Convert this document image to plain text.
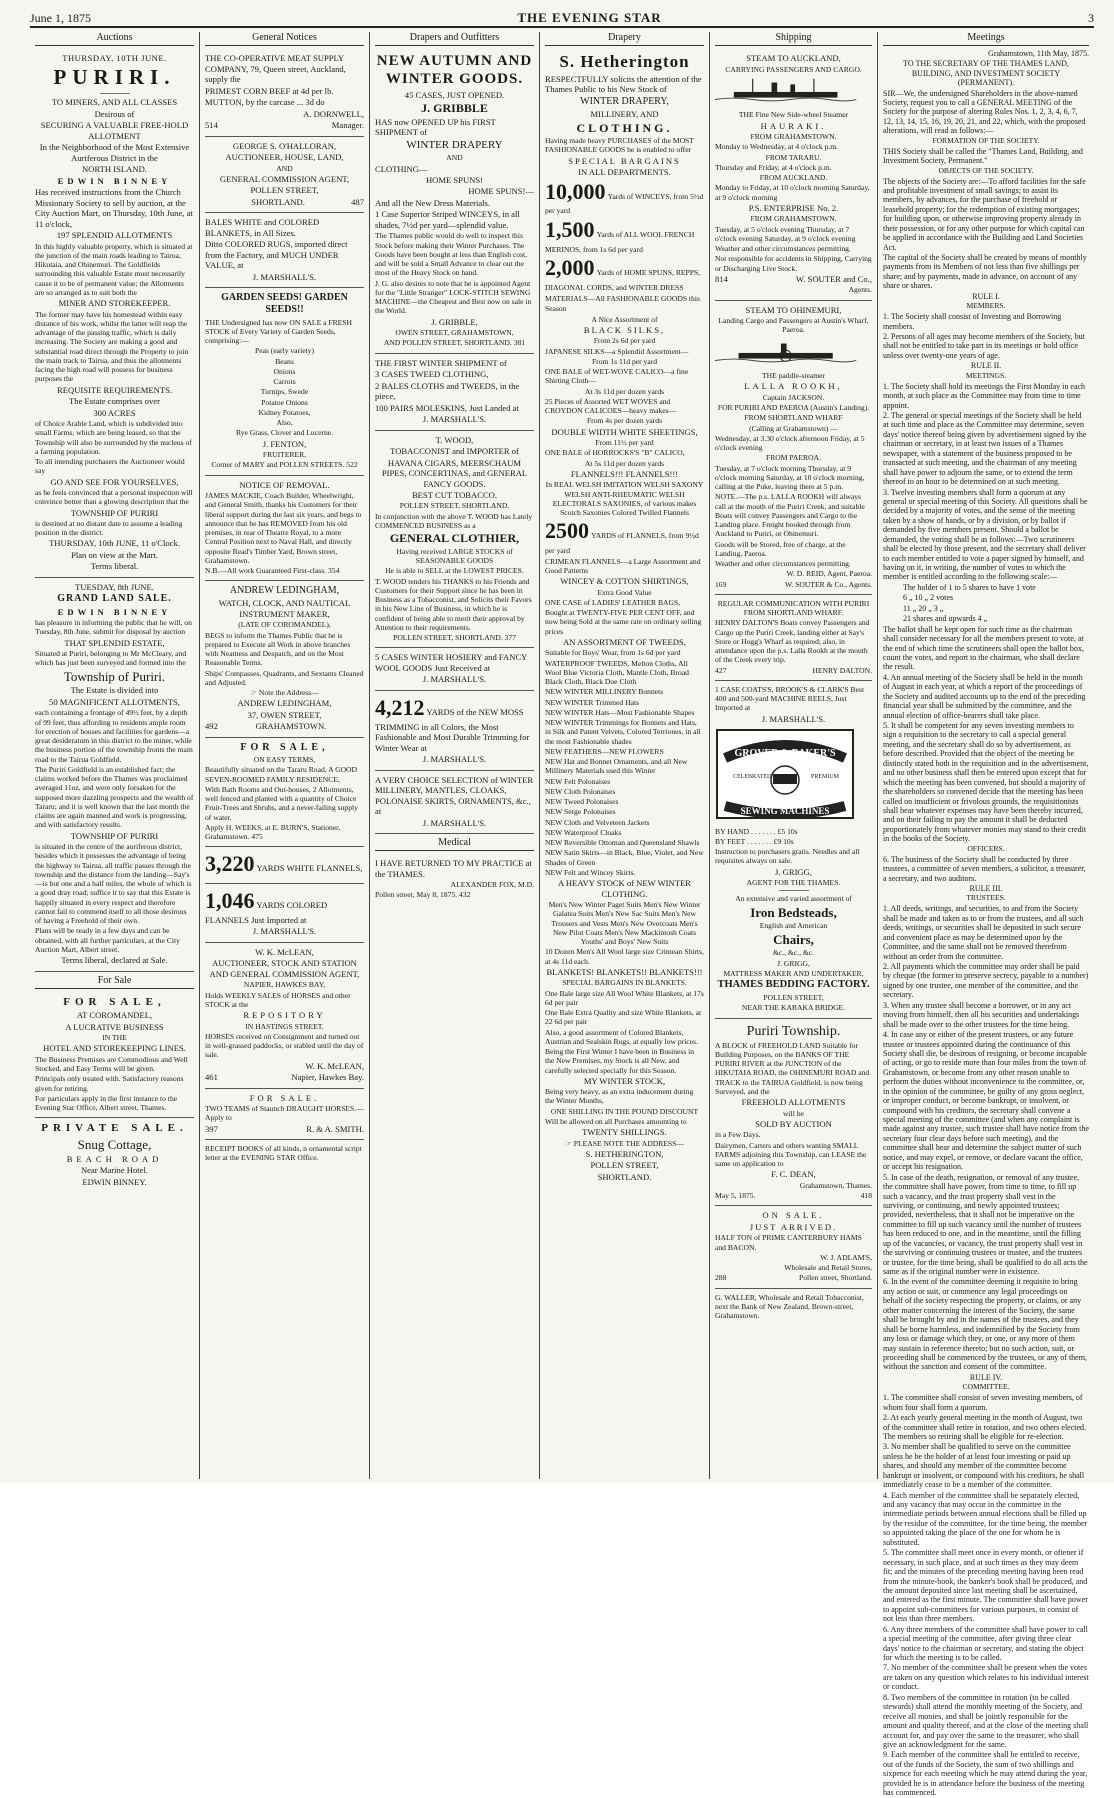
June 1, 1875	THE EVENING STAR	3
Auctions

THURSDAY, 10TH JUNE.

PURIRI.

TO MINERS, AND ALL CLASSES

Desirous of

SECURING A VALUABLE FREE-HOLD ALLOTMENT

In the Neighborhood of the Most Extensive Auriferous District in the

NORTH ISLAND.

EDWIN BINNEY

Has received instructions from the Church Missionary Society to sell by auction, at the City Auction Mart, on Thursday, 10th June, at 11 o'clock,

197 SPLENDID ALLOTMENTS

In this highly valuable property, which is situated at the junction of the main roads leading to Tairua, Hikutaia, and Ohinemuri. The Goldfields surrounding this valuable Estate must necessarily cause it to be of permanent value; the Allotments are so arranged as to suit both the

MINER AND STOREKEEPER.

The former may have his homestead within easy distance of his work, whilst the latter will reap the advantage of the passing traffic, which is daily increasing. The Society are making a good and substantial road direct through the Property to join the main track to Tairua, and thus the allotments facing the high road will possess for business purposes the

REQUISITE REQUIREMENTS.

The Estate comprises over

300 ACRES

of Choice Arable Land, which is subdivided into small Farms, which are being leased, so that the Township will also be surrounded by the nucleus of a farming population.

To all intending purchasers the Auctioneer would say

GO AND SEE FOR YOURSELVES,

as he feels convinced that a personal inspection will convince better than a glowing description that the

TOWNSHIP OF PURIRI

is destined at no distant date to assume a leading position in the district.

THURSDAY, 10th JUNE, 11 o'Clock.

Plan on view at the Mart.

Terms liberal.

TUESDAY, 8th JUNE.

GRAND LAND SALE.

EDWIN BINNEY

has pleasure in informing the public that he will, on Tuesday, 8th June, submit for disposal by auction

THAT SPLENDID ESTATE,

Situated at Puriri, belonging to Mr McCleary, and which has just been surveyed and formed into the

Township of Puriri.

The Estate is divided into

50 MAGNIFICENT ALLOTMENTS,

each containing a frontage of 49½ feet, by a depth of 99 feet, thus affording to residents ample room for erection of houses and facilities for gardens—a great desideratum in this district to the miner, while the business portion of the township fronts the main road to the Tairua Goldfield.

The Puriri Goldfield is an established fact; the claims worked before the Thames was proclaimed averaged 11oz, and were only forsaken for the supposed more dazzling prospects and the wealth of Tararu; and it is well known that the last month the claims are again manned and work is progressing, and with satisfactory results.

TOWNSHIP OF PURIRI

is situated in the centre of the auriferous district, besides which it possesses the advantage of being the highway to Tairua, all traffic passes through the township and the distance from the landing—Say's—is but one and a half miles, the whole of which is a good dray road; suffice it to say that this Estate is happily situated in every respect and therefore cannot fail to commend itself to all those desirous of having a Freehold of their own.

Plans will be ready in a few days and can be obtained, with all further particulars, at the City Auction Mart, Albert street.

Terms liberal, declared at Sale.

For Sale

FOR SALE,

AT COROMANDEL,

A LUCRATIVE BUSINESS

IN THE

HOTEL AND STOREKEEPING LINES.

The Business Premises are Commodious and Well Stocked, and Easy Terms will be given.

Principals only treated with. Satisfactory reasons given for retiring.

For particulars apply in the first instance to the Evening Star Office, Albert street, Thames.

PRIVATE SALE.

Snug Cottage,

BEACH ROAD

Near Marine Hotel.

EDWIN BINNEY.

General Notices

THE CO-OPERATIVE MEAT SUPPLY COMPANY, 79, Queen street, Auckland, supply the

PRIMEST CORN BEEF at 4d per lb.

MUTTON, by the carcase ... 3d do

A. DORNWELL,

514	Manager.

GEORGE S. O'HALLORAN,

AUCTIONEER, HOUSE, LAND,

AND

GENERAL COMMISSION AGENT,

POLLEN STREET,

SHORTLAND.	487

BALES WHITE and COLORED BLANKETS, in All Sizes.

Ditto COLORED RUGS, imported direct from the Factory, and MUCH UNDER VALUE, at

J. MARSHALL'S.

GARDEN SEEDS! GARDEN SEEDS!!

THE Undersigned has now ON SALE a FRESH STOCK of Every Variety of Garden Seeds, comprising:—

Peas (early variety)

Beans

Onions

Carrots

Turnips, Swede

Potatoe Onions

Kidney Potatoes,

Also,

Rye Grass, Clover and Lucerne.

J. FENTON,

FRUITERER,

Corner of MARY and POLLEN STREETS. 522

NOTICE OF REMOVAL.

JAMES MACKIE, Coach Builder, Wheelwright, and General Smith, thanks his Customers for their liberal support during the last six years, and begs to announce that he has REMOVED from his old premises, in rear of Theatre Royal, to a more Central Position next to Naval Hall, and directly opposite Read's Timber Yard, Brown street, Grahamstown.

N.B.—All work Guaranteed First-class. 354

ANDREW LEDINGHAM,

WATCH, CLOCK, AND NAUTICAL INSTRUMENT MAKER,

(LATE OF COROMANDEL),

BEGS to inform the Thames Public that he is prepared to Execute all Work in above branches with Neatness and Despatch, and on the Most Reasonable Terms.

Ships' Compasses, Quadrants, and Sextants Cleaned and Adjusted.

☞ Note the Address—

ANDREW LEDINGHAM,

37, OWEN STREET,

GRAHAMSTOWN.
492

FOR SALE,

ON EASY TERMS,

Beautifully situated on the Tararu Road, A GOOD SEVEN-ROOMED FAMILY RESIDENCE,

With Bath Rooms and Out-houses, 2 Allotments, well fenced and planted with a quantity of Choice Fruit-Trees and Shrubs, and a never-failing supply of water.

Apply H. WEEKS, at E. BURN'S, Stationer, Grahamstown. 475

3,220 YARDS WHITE FLANNELS,

1,046 YARDS COLORED FLANNELS Just Imported at

J. MARSHALL'S.

W. K. McLEAN,

AUCTIONEER, STOCK AND STATION AND GENERAL COMMISSION AGENT,

NAPIER, HAWKES BAY,

Holds WEEKLY SALES of HORSES and other STOCK at the

REPOSITORY

IN HASTINGS STREET.

HORSES received on Consignment and turned out in well-grassed paddocks, or stabled until the day of sale.

W. K. McLEAN,

461	Napier, Hawkes Bay.

FOR SALE.

TWO TEAMS of Staunch DRAUGHT HORSES.—Apply to

397	R. & A. SMITH.

RECEIPT BOOKS of all kinds, n ornamental script letter at the EVENING STAR Office.

Drapers and Outfitters
NEW AUTUMN AND WINTER GOODS.

45 CASES, JUST OPENED.

J. GRIBBLE

HAS now OPENED UP his FIRST SHIPMENT of

WINTER DRAPERY

AND

CLOTHING—

HOME SPUNS!

HOME SPUNS!—

And all the New Dress Materials.

1 Case Superior Striped WINCEYS, in all shades, 7½d per yard—splendid value.

The Thames public would do well to inspect this Stock before making their Winter Purchases. The Goods have been bought at less than English cost, and will be sold a Small Advance to clear out the most of the Heavy Stock on hand.

J. G. also desires to note that he is appointed Agent for the "Little Stranger" LOCK-STITCH SEWING MACHINE—the Cheapest and Best now on sale in the World.

J. GRIBBLE,

OWEN STREET, GRAHAMSTOWN,

AND POLLEN STREET, SHORTLAND. 381

THE FIRST WINTER SHIPMENT of

3 CASES TWEED CLOTHING,

2 BALES CLOTHS and TWEEDS, in the piece,

100 PAIRS MOLESKINS, Just Landed at

J. MARSHALL'S.

T. WOOD,

TOBACCONIST and IMPORTER of

HAVANA CIGARS, MEERSCHAUM PIPES, CONCERTINAS, and GENERAL FANCY GOODS.

BEST CUT TOBACCO.

POLLEN STREET, SHORTLAND.

In conjunction with the above T. WOOD has Lately COMMENCED BUSINESS as a

GENERAL CLOTHIER,

Having received LARGE STOCKS of SEASONABLE GOODS

He is able to SELL at the LOWEST PRICES.

T. WOOD tenders his THANKS to his Friends and Customers for their Support since he has been in Business as a Tobacconist, and Solicits their Favors in his New Line of Business, in which he is confident of being able to merit their approval by Attention to their requirements.

POLLEN STREET, SHORTLAND. 377

5 CASES WINTER HOSIERY and FANCY WOOL GOODS Just Received at

J. MARSHALL'S.

4,212 YARDS of the NEW MOSS TRIMMING in all Colors, the Most Fashionable and Most Durable Trimming for Winter Wear at

J. MARSHALL'S.

A VERY CHOICE SELECTION of WINTER MILLINERY, MANTLES, CLOAKS, POLONAISE SKIRTS, ORNAMENTS, &c., at

J. MARSHALL'S.

Medical

I HAVE RETURNED TO MY PRACTICE at the THAMES.

ALEXANDER FOX, M.D.

Pollen street, May 8, 1875. 432

Drapery
S. Hetherington

RESPECTFULLY solicits the attention of the Thames Public to his New Stock of

WINTER DRAPERY,

MILLINERY, AND

CLOTHING.

Having made heavy PURCHASES of the MOST FASHIONABLE GOODS he is enabled to offer

SPECIAL BARGAINS

IN ALL DEPARTMENTS.

10,000 Yards of WINCEYS, from 5½d per yard

1,500 Yards of ALL WOOL FRENCH MERINOS, from 1s 6d per yard

2,000 Yards of HOME SPUNS, REPPS, DIAGONAL CORDS, and WINTER DRESS MATERIALS—All FASHIONABLE GOODS this Season

A Nice Assortment of

BLACK SILKS,

From 2s 6d per yard

JAPANESE SILKS—a Splendid Assortment—

From 1s 11d per yard

ONE BALE of WET-WOVE CALICO—a fine Shirting Cloth—

At 3s 11d per dozen yards

25 Pieces of Assorted WET WOVES and CROYDON CALICOES—heavy makes—

From 4s per dozen yards

DOUBLE WIDTH WHITE SHEETINGS,

From 11½ per yard

ONE BALE of HORROCKS'S "B" CALICO,

At 5s 11d per dozen yards

FLANNELS!!! FLANNELS!!!

In REAL WELSH IMITATION WELSH SAXONY WELSH ANTI-RHEUMATIC WELSH ELECTORALS SAXONIES, of various makes Scotch Saxonies Colored Twilled Flannels

2500 YARDS of FLANNELS, from 9½d per yard

CRIMEAN FLANNELS—a Large Assortment and Good Patterns

WINCEY & COTTON SHIRTINGS,

Extra Good Value

ONE CASE of LADIES' LEATHER BAGS,

Bought at TWENTY-FIVE PER CENT OFF, and now being Sold at the same rate on ordinary selling prices

AN ASSORTMENT OF TWEEDS,

Suitable for Boys' Wear, from 1s 6d per yard

WATERPROOF TWEEDS, Melton Cloths, All Wool Blue Victoria Cloth, Mantle Cloth, Broad Black Cloth, Black Doe Cloth

NEW WINTER MILLINERY Bonnets

NEW WINTER Trimmed Hats

NEW WINTER Hats—Most Fashionable Shapes

NEW WINTER Trimmings for Bonnets and Hats, in Silk and Patent Velvets, Colored Terriones, in all the most Fashionable shades

NEW FEATHERS—NEW FLOWERS

NEW Hat and Bonnet Ornaments, and all New Millinery Materials used this Winter

NEW Felt Polonaises

NEW Cloth Polonaises

NEW Tweed Polonaises

NEW Serge Polonaises

NEW Cloth and Velveteen Jackets

NEW Waterproof Cloaks

NEW Reversible Ottoman and Queensland Shawls

NEW Satin Skirts—in Black, Blue, Violet, and New Shades of Green

NEW Felt and Wincey Skirts.

A HEAVY STOCK of NEW WINTER CLOTHING.

Men's New Winter Paget Suits Men's New Winter Galatea Suits Men's New Sac Suits Men's New Trousers and Vests Men's New Overcoats Men's New Pilot Coats Men's New Mackintosh Coats Youths' and Boys' New Suits

10 Dozen Men's All Wool large size Crimean Shirts, at 4s 11d each.

BLANKETS! BLANKETS!! BLANKETS!!!

SPECIAL BARGAINS IN BLANKETS.

One Bale large size All Wool White Blankets, at 17s 6d per pair

One Bale Extra Quality and size White Blankets, at 22 6d per pair

Also, a good assortment of Colored Blankets, Austrian and Sealskin Rugs, at equally low prices.

Being the First Winter I have been in Business in the New Premises, my Stock is all New, and carefully selected specially for this Season.

MY WINTER STOCK,

Being very heavy, as an extra inducement during the Winter Months,

ONE SHILLING IN THE POUND DISCOUNT

Will be allowed on all Purchases amounting to

TWENTY SHILLINGS.

☞ PLEASE NOTE THE ADDRESS—

S. HETHERINGTON,

POLLEN STREET,

SHORTLAND.

Shipping

STEAM TO AUCKLAND,

CARRYING PASSENGERS AND CARGO.

THE Fine New Side-wheel Steamer

HAURAKI.

FROM GRAHAMSTOWN.

Monday to Wednesday, at 4 o'clock p.m.

FROM TARARU.

Thursday and Friday, at 4 o'clock p.m.

FROM AUCKLAND.

Monday to Friday, at 10 o'clock morning Saturday, at 9 o'clock morning

P.S. ENTERPRISE No. 2.

FROM GRAHAMSTOWN.

Tuesday, at 5 o'clock evening Thursday, at 7 o'clock evening Saturday, at 9 o'clock evening

Weather and other circumstances permitting.

Not responsible for accidents in Shipping, Carrying or Discharging Live Stock.

814	W. SOUTER and Co.,

Agents.

STEAM TO OHINEMURI,

Landing Cargo and Passengers at Austin's Wharf, Paeroa.

THE paddle-steamer

LALLA ROOKH,

Captain JACKSON.

FOR PURIRI AND PAEROA (Austin's Landing).

FROM SHORTLAND WHARF

(Calling at Grahamstown) —

Wednesday, at 3.30 o'clock afternoon Friday, at 5 o'clock evening

FROM PAEROA.

Tuesday, at 7 o'clock morning Thursday, at 9 o'clock morning Saturday, at 10 o'clock morning, calling at the Puke, leaving there at 5 p.m.

NOTE.—The p.s. LALLA ROOKH will always call at the mouth of the Puriri Creek, and suitable Boats will convey Passengers and Cargo to the Landing place. Freight booked through from Auckland to Puriri, or Ohinemuri.

Goods will be Stored, free of charge, at the Landing, Paeroa.

Weather and other circumstances permitting.

W. D. REID, Agent, Paeroa.

169	W. SOUTER & Co., Agents.

REGULAR COMMUNICATION WITH PURIRI FROM SHORTLAND WHARF.

HENRY DALTON'S Boats convey Passengers and Cargo up the Puriri Creek, landing either at Say's Store or Hogg's Wharf as required; also, in attendance upon the p.s. Lalla Rookh at the mouth of the Creek every trip.

427	HENRY DALTON.

1 CASE COATS'S, BROOK'S & CLARK'S Best 400 and 500-yard MACHINE REELS, Just Imported at

J. MARSHALL'S.

GROVER & BAKER'S
CELEBRATED	PREMIUM
SEWING MACHINES

BY HAND . . . . . . . £5 10s

BY FEET . . . . . . . £9 10s

Instruction to purchasers gratis. Needles and all requisites always on sale.

J. GRIGG,

AGENT FOR THE THAMES.

An extensive and varied assortment of

Iron Bedsteads,

English and American

Chairs,

&c., &c., &c.

J. GRIGG,

MATTRESS MAKER AND UNDERTAKER,

THAMES BEDDING FACTORY.

POLLEN STREET,

NEAR THE KARAKA BRIDGE.

Puriri Township.

A BLOCK of FREEHOLD LAND Suitable for Building Purposes, on the BANKS OF THE PURIRI RIVER at the JUNCTION of the HIKUTAIA ROAD, the OHINEMURI ROAD and TRACK to the TAIRUA Goldfield, is now being Surveyed, and the

FREEHOLD ALLOTMENTS

will be

SOLD BY AUCTION

in a Few Days.

Dairymen, Carters and others wanting SMALL FARMS adjoining this Township, can LEASE the same on application to

F. C. DEAN,

Grahamstown, Thames.

May 5, 1875.	418

ON SALE.

JUST ARRIVED.

HALF TON of PRIME CANTERBURY HAMS and BACON.

W. J. ADLAM'S,

Wholesale and Retail Stores,

288	Pollen street, Shortland.

G. WALLER, Wholesale and Retail Tobacconist, next the Bank of New Zealand, Brown-street, Grahamstown.

Meetings

Grahamstown, 11th May, 1875.

TO THE SECRETARY OF THE THAMES LAND, BUILDING, AND INVESTMENT SOCIETY (PERMANENT).

SIR—We, the undersigned Shareholders in the above-named Society, request you to call a GENERAL MEETING of the Society for the purpose of altering Rules Nos. 1, 2, 3, 4, 6, 7, 12, 13, 14, 15, 16, 19, 20, 21, and 22, which, with the proposed alterations, will read as follows:—

FORMATION OF THE SOCIETY.

THIS Society shall be called the "Thames Land, Building, and Investment Society, Permanent."

OBJECTS OF THE SOCIETY.

The objects of the Society are:—To afford facilities for the safe and profitable investment of small savings; to assist its members, by advances, for the purchase of freehold or leasehold property; for the redemption of existing mortgages; for building upon, or otherwise improving property already in their possession, or for any other purpose for which capital can be applied in accordance with the Building and Land Societies Act.

The capital of the Society shall be created by means of monthly payments from its Members of not less than five shillings per share; and by payments, made in advance, on account of any share or shares.

RULE I.

MEMBERS.

1. The Society shall consist of Investing and Borrowing members.

2. Persons of all ages may become members of the Society, but shall not be entitled to take part in its meetings or hold office unless over twenty-one years of age.

RULE II.

MEETINGS.

1. The Society shall hold its meetings the First Monday in each month, at such place as the Committee may from time to time appoint.

2. The general or special meetings of the Society shall be held at such time and place as the Committee may determine, seven days' notice thereof being given by advertisement signed by the chairman or secretary, in at least two issues of a Thames newspaper, with a statement of the business proposed to be transacted at such meeting, and the chairman of any meeting shall have power to adjourn the same, or to extend the term thereof to an hour to be determined on at such meeting.

3. Twelve investing members shall form a quorum at any general or special meeting of this Society. All questions shall be decided by a majority of votes, and the sense of the meeting taken by a show of hands, or by a division, or by ballot if demanded by five members present. Should a ballot be demanded, the voting shall be as follows:—Two scrutineers shall be elected by those present, and the secretary shall deliver to each member entitled to vote a paper signed by himself, and having on it, in writing, the number of votes to which the member is entitled according to the following scale:—

The holder of 1 to 5 shares to have 1 vote

6 „ 10 „ 2 votes

11 „ 20 „ 3 „

21 shares and upwards 4 „

The ballot shall be kept open for such time as the chairman shall consider necessary for all the members present to vote, at the end of which time the scrutineers shall open the ballot box, count the votes, and report to the chairman, who shall declare the result.

4. An annual meeting of the Society shall be held in the month of August in each year, at which a report of the proceedings of the Society and audited accounts up to the end of the preceding financial year shall be submitted by the committee, and the annual election of office-bearers shall take place.

5. It shall be competent for any seven investing members to sign a requisition to the secretary to call a special general meeting, and the secretary shall do so by advertisement, as before described. Provided that the object of the meeting be distinctly stated both in the requisition and in the advertisement, and no other business shall then be entered upon except that for which the meeting has been convened, but should a majority of the shareholders so convened decide that the meeting has been called on insufficient or frivolous grounds, the requisitionists shall bear whatever expenses may have been thereby incurred, and on their failing to pay the amount it shall be deducted proportionately from whatever monies may stand to their credit in the books of the Society.

OFFICERS.

6. The business of the Society shall be conducted by three trustees, a committee of seven members, a solicitor, a treasurer, a secretary, and two auditors.

RULE III.

TRUSTEES.

1. All deeds, writings, and securities, to and from the Society shall be made and taken as to or from the trustees, and all such deeds, writings, or securities shall be deposited in such secure and convenient place as may be determined upon by the Committee, and the same shall not be removed therefrom without an order from the committee.

2. All payments which the committee may order shall be paid by cheque (the former to preserve secrecy, payable to a number) signed by one trustee, one member of the committee, and the secretary.

3. When any trustee shall become a borrower, or in any act moving from himself, then all his securities and undertakings shall be made over to the other trustees for the time being.

4. In case any or either of the present trustees, or any future trustee or trustees appointed during the continuance of this Society shall die, be desirous of resigning, or become incapable of acting, or go to reside more than four miles from the town of Grahamstown, or become from any other reason unable to perform the duties without inconvenience to the committee, or, in the opinion of the committee, be guilty of any gross neglect, or improper conduct, or become bankrupt, or insolvent, or compound with his creditors, the secretary shall convene a special meeting of the committee (and when any complaint is made against any trustee, such trustee shall have notice from the secretary four clear days before such meeting), and the committee shall hear and determine the subject matter of such notice, and may expel, or remove, or declare vacant the office, or accept his resignation.

5. In case of the death, resignation, or removal of any trustee, the committee shall have power, from time to time, to fill up such a vacancy, and the trust property shall vest in the surviving, or continuing, and newly appointed trustees; provided, nevertheless, that it shall not be imperative on the committee to fill up such vacancy until the number of trustees has been reduced to one, and in the meantime, until the filling up of the vacancies, or vacancy, the trust property shall vest in the surviving or continuing trustees or trustee, and the trustees or trustee, for the time being, shall be qualified to do all acts the same as if the original number were in existence.

6. In the event of the committee deeming it requisite to bring any action or suit, or commence any legal proceedings on behalf of the society respecting the property, or claims, or any other matter concerning the interest of the Society, the same shall be brought by and in the names of the trustees, and they shall be borne harmless, and indemnified by the Society from any loss or damage which they, or one, or any more of them may sustain in reference thereto; but no such action, suit, or proceeding shall be commenced by the trustees, or any of them, without the sanction and consent of the committee.

RULE IV.

COMMITTEE.

1. The committee shall consist of seven investing members, of whom four shall form a quorum.

2. At each yearly general meeting in the month of August, two of the committee shall retire in rotation, and two others elected. The members so retiring shall be eligible for re-election.

3. No member shall be qualified to serve on the committee unless he be the holder of at least four investing or paid up shares, and should any member of the committee become bankrupt or insolvent, or compound with his creditors, he shall immediately cease to be a member of the committee.

4. Each member of the committee shall be separately elected, and any vacancy that may occur in the committee in the intermediate periods between annual elections shall be filled up by the residue of the committee, for the time being, the member so appointed taking the place of the one for whom he is substituted.

5. The committee shall meet once in every month, or oftener if necessary, in such place, and at such times as they may deem fit; and the minutes of the preceding meeting having been read from the minute-book, the banker's book shall be produced, and the amount deposited since last meeting shall be ascertained, and entered as the first minute. The committee shall have power to appoint sub-committees for various purposes, to consist of not less than three members.

6. Any three members of the committee shall have power to call a special meeting of the committee, after giving three clear days' notice to the chairman or secretary, and stating the object for which the meeting is to be called.

7. No member of the committee shall be present when the votes are taken on any question which relates to his individual interest or conduct.

8. Two members of the committee in rotation (to be called stewards) shall attend the monthly meeting of the Society, and receive all monies, and shall be jointly responsible for the amount and quality thereof, and at the close of the meeting shall account for, and pay over the same to the treasurer, who shall give an acknowledgment for the same.

9. Each member of the committee shall be entitled to receive, out of the funds of the Society, the sum of two shillings and sixpence for each meeting which he may attend during the year, provided he is in attendance before the business of the meeting has commenced.
